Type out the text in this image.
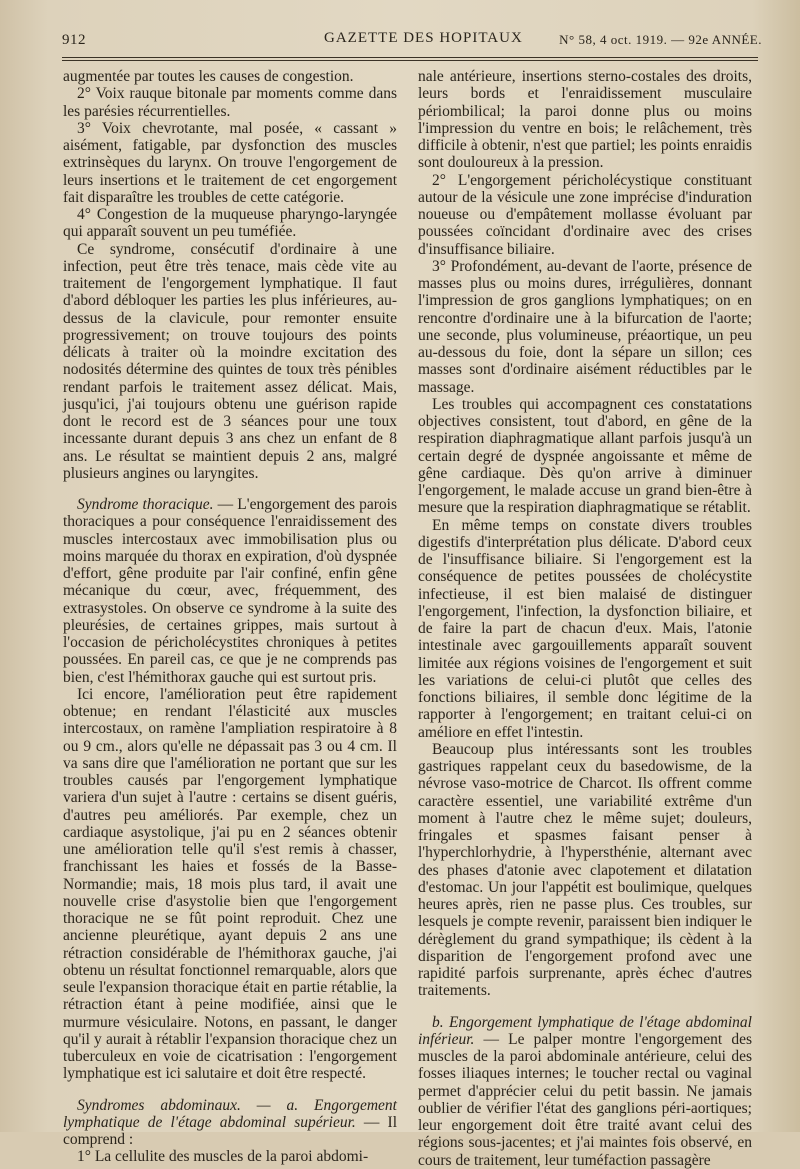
912	GAZETTE DES HOPITAUX	N° 58, 4 oct. 1919. — 92e ANNÉE.

augmentée par toutes les causes de congestion.

2° Voix rauque bitonale par moments comme dans les parésies récurrentielles.

3° Voix chevrotante, mal posée, « cassant » aisément, fatigable, par dysfonction des muscles extrinsèques du larynx. On trouve l'engorgement de leurs insertions et le traitement de cet engorgement fait disparaître les troubles de cette catégorie.

4° Congestion de la muqueuse pharyngo-laryngée qui apparaît souvent un peu tuméfiée.

Ce syndrome, consécutif d'ordinaire à une infection, peut être très tenace, mais cède vite au traitement de l'engorgement lymphatique. Il faut d'abord débloquer les parties les plus inférieures, au-dessus de la clavicule, pour remonter ensuite progressivement; on trouve toujours des points délicats à traiter où la moindre excitation des nodosités détermine des quintes de toux très pénibles rendant parfois le traitement assez délicat. Mais, jusqu'ici, j'ai toujours obtenu une guérison rapide dont le record est de 3 séances pour une toux incessante durant depuis 3 ans chez un enfant de 8 ans. Le résultat se maintient depuis 2 ans, malgré plusieurs angines ou laryngites.

Syndrome thoracique. — L'engorgement des parois thoraciques a pour conséquence l'enraidissement des muscles intercostaux avec immobilisation plus ou moins marquée du thorax en expiration, d'où dyspnée d'effort, gêne produite par l'air confiné, enfin gêne mécanique du cœur, avec, fréquemment, des extrasystoles. On observe ce syndrome à la suite des pleurésies, de certaines grippes, mais surtout à l'occasion de péricholécystites chroniques à petites poussées. En pareil cas, ce que je ne comprends pas bien, c'est l'hémithorax gauche qui est surtout pris.

Ici encore, l'amélioration peut être rapidement obtenue; en rendant l'élasticité aux muscles intercostaux, on ramène l'ampliation respiratoire à 8 ou 9 cm., alors qu'elle ne dépassait pas 3 ou 4 cm. Il va sans dire que l'amélioration ne portant que sur les troubles causés par l'engorgement lymphatique variera d'un sujet à l'autre : certains se disent guéris, d'autres peu améliorés. Par exemple, chez un cardiaque asystolique, j'ai pu en 2 séances obtenir une amélioration telle qu'il s'est remis à chasser, franchissant les haies et fossés de la Basse-Normandie; mais, 18 mois plus tard, il avait une nouvelle crise d'asystolie bien que l'engorgement thoracique ne se fût point reproduit. Chez une ancienne pleurétique, ayant depuis 2 ans une rétraction considérable de l'hémithorax gauche, j'ai obtenu un résultat fonctionnel remarquable, alors que seule l'expansion thoracique était en partie rétablie, la rétraction étant à peine modifiée, ainsi que le murmure vésiculaire. Notons, en passant, le danger qu'il y aurait à rétablir l'expansion thoracique chez un tuberculeux en voie de cicatrisation : l'engorgement lymphatique est ici salutaire et doit être respecté.

Syndromes abdominaux. — a. Engorgement lymphatique de l'étage abdominal supérieur. — Il comprend :

1° La cellulite des muscles de la paroi abdomi-

nale antérieure, insertions sterno-costales des droits, leurs bords et l'enraidissement musculaire périombilical; la paroi donne plus ou moins l'impression du ventre en bois; le relâchement, très difficile à obtenir, n'est que partiel; les points enraidis sont douloureux à la pression.

2° L'engorgement péricholécystique constituant autour de la vésicule une zone imprécise d'induration noueuse ou d'empâtement mollasse évoluant par poussées coïncidant d'ordinaire avec des crises d'insuffisance biliaire.

3° Profondément, au-devant de l'aorte, présence de masses plus ou moins dures, irrégulières, donnant l'impression de gros ganglions lymphatiques; on en rencontre d'ordinaire une à la bifurcation de l'aorte; une seconde, plus volumineuse, préaortique, un peu au-dessous du foie, dont la sépare un sillon; ces masses sont d'ordinaire aisément réductibles par le massage.

Les troubles qui accompagnent ces constatations objectives consistent, tout d'abord, en gêne de la respiration diaphragmatique allant parfois jusqu'à un certain degré de dyspnée angoissante et même de gêne cardiaque. Dès qu'on arrive à diminuer l'engorgement, le malade accuse un grand bien-être à mesure que la respiration diaphragmatique se rétablit.

En même temps on constate divers troubles digestifs d'interprétation plus délicate. D'abord ceux de l'insuffisance biliaire. Si l'engorgement est la conséquence de petites poussées de cholécystite infectieuse, il est bien malaisé de distinguer l'engorgement, l'infection, la dysfonction biliaire, et de faire la part de chacun d'eux. Mais, l'atonie intestinale avec gargouillements apparaît souvent limitée aux régions voisines de l'engorgement et suit les variations de celui-ci plutôt que celles des fonctions biliaires, il semble donc légitime de la rapporter à l'engorgement; en traitant celui-ci on améliore en effet l'intestin.

Beaucoup plus intéressants sont les troubles gastriques rappelant ceux du basedowisme, de la névrose vaso-motrice de Charcot. Ils offrent comme caractère essentiel, une variabilité extrême d'un moment à l'autre chez le même sujet; douleurs, fringales et spasmes faisant penser à l'hyperchlorhydrie, à l'hypersthénie, alternant avec des phases d'atonie avec clapotement et dilatation d'estomac. Un jour l'appétit est boulimique, quelques heures après, rien ne passe plus. Ces troubles, sur lesquels je compte revenir, paraissent bien indiquer le dérèglement du grand sympathique; ils cèdent à la disparition de l'engorgement profond avec une rapidité parfois surprenante, après échec d'autres traitements.

b. Engorgement lymphatique de l'étage abdominal inférieur. — Le palper montre l'engorgement des muscles de la paroi abdominale antérieure, celui des fosses iliaques internes; le toucher rectal ou vaginal permet d'apprécier celui du petit bassin. Ne jamais oublier de vérifier l'état des ganglions péri-aortiques; leur engorgement doit être traité avant celui des régions sous-jacentes; et j'ai maintes fois observé, en cours de traitement, leur tuméfaction passagère
